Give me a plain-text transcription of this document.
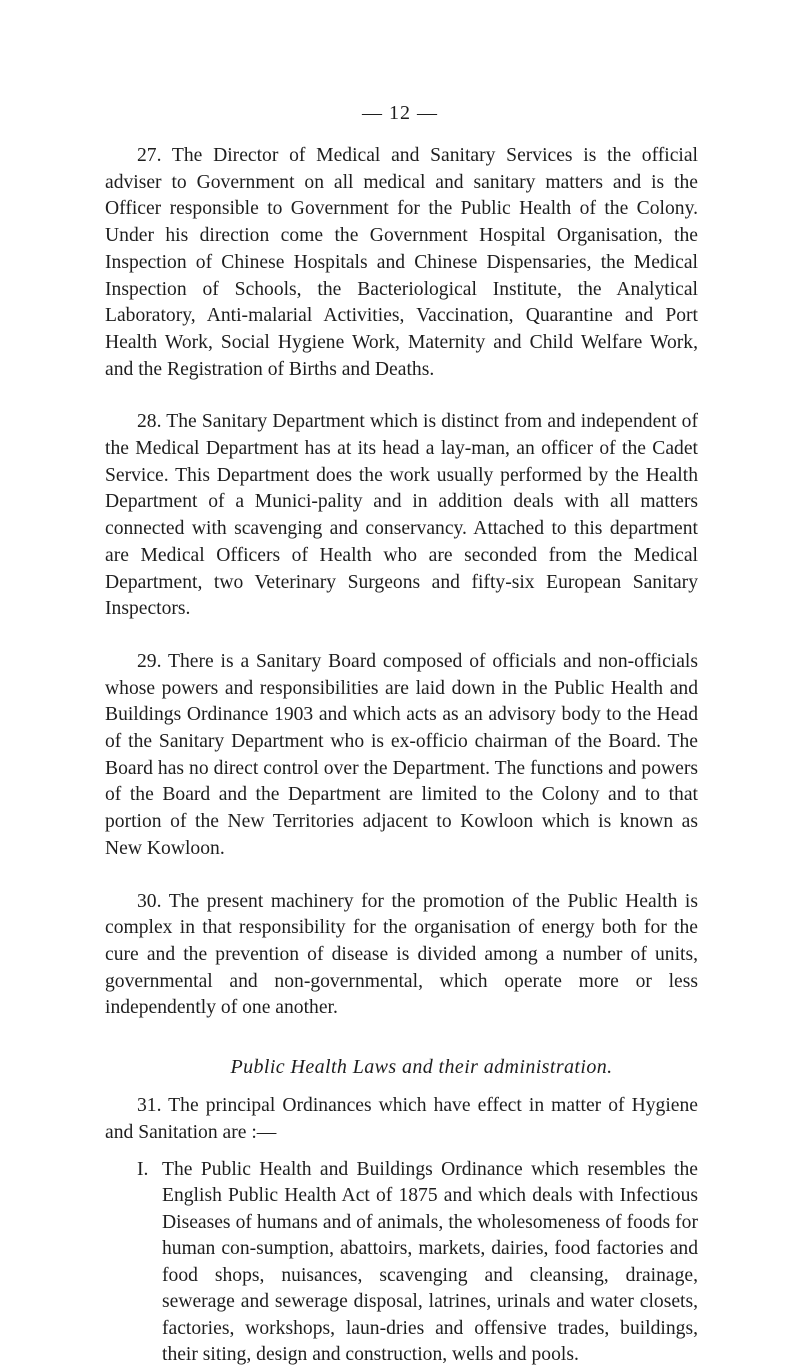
— 12 —

27. The Director of Medical and Sanitary Services is the official adviser to Government on all medical and sanitary matters and is the Officer responsible to Government for the Public Health of the Colony. Under his direction come the Government Hospital Organisation, the Inspection of Chinese Hospitals and Chinese Dispensaries, the Medical Inspection of Schools, the Bacteriological Institute, the Analytical Laboratory, Anti-malarial Activities, Vaccination, Quarantine and Port Health Work, Social Hygiene Work, Maternity and Child Welfare Work, and the Registration of Births and Deaths.

28. The Sanitary Department which is distinct from and independent of the Medical Department has at its head a lay-man, an officer of the Cadet Service. This Department does the work usually performed by the Health Department of a Munici-pality and in addition deals with all matters connected with scavenging and conservancy. Attached to this department are Medical Officers of Health who are seconded from the Medical Department, two Veterinary Surgeons and fifty-six European Sanitary Inspectors.

29. There is a Sanitary Board composed of officials and non-officials whose powers and responsibilities are laid down in the Public Health and Buildings Ordinance 1903 and which acts as an advisory body to the Head of the Sanitary Department who is ex-officio chairman of the Board. The Board has no direct control over the Department. The functions and powers of the Board and the Department are limited to the Colony and to that portion of the New Territories adjacent to Kowloon which is known as New Kowloon.

30. The present machinery for the promotion of the Public Health is complex in that responsibility for the organisation of energy both for the cure and the prevention of disease is divided among a number of units, governmental and non-governmental, which operate more or less independently of one another.

Public Health Laws and their administration.

31. The principal Ordinances which have effect in matter of Hygiene and Sanitation are :—

I. The Public Health and Buildings Ordinance which resembles the English Public Health Act of 1875 and which deals with Infectious Diseases of humans and of animals, the wholesomeness of foods for human con-sumption, abattoirs, markets, dairies, food factories and food shops, nuisances, scavenging and cleansing, drainage, sewerage and sewerage disposal, latrines, urinals and water closets, factories, workshops, laun-dries and offensive trades, buildings, their siting, design and construction, wells and pools.
